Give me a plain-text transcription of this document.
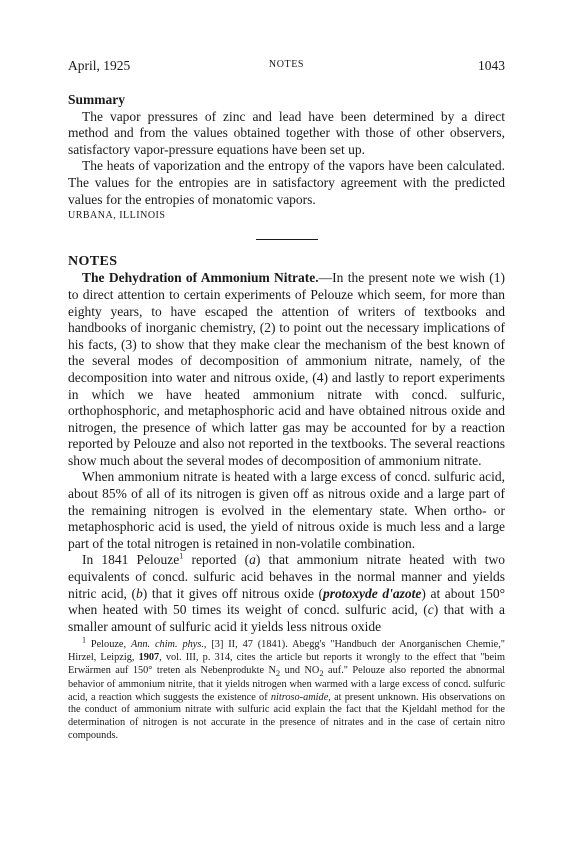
April, 1925	NOTES	1043

Summary

The vapor pressures of zinc and lead have been determined by a direct method and from the values obtained together with those of other observers, satisfactory vapor-pressure equations have been set up.

The heats of vaporization and the entropy of the vapors have been calculated. The values for the entropies are in satisfactory agreement with the predicted values for the entropies of monatomic vapors.

URBANA, ILLINOIS

NOTES

The Dehydration of Ammonium Nitrate.—In the present note we wish (1) to direct attention to certain experiments of Pelouze which seem, for more than eighty years, to have escaped the attention of writers of textbooks and handbooks of inorganic chemistry, (2) to point out the necessary implications of his facts, (3) to show that they make clear the mechanism of the best known of the several modes of decomposition of ammonium nitrate, namely, of the decomposition into water and nitrous oxide, (4) and lastly to report experiments in which we have heated ammonium nitrate with concd. sulfuric, orthophosphoric, and metaphosphoric acid and have obtained nitrous oxide and nitrogen, the presence of which latter gas may be accounted for by a reaction reported by Pelouze and also not reported in the textbooks. The several reactions show much about the several modes of decomposition of ammonium nitrate.

When ammonium nitrate is heated with a large excess of concd. sulfuric acid, about 85% of all of its nitrogen is given off as nitrous oxide and a large part of the remaining nitrogen is evolved in the elementary state. When ortho- or metaphosphoric acid is used, the yield of nitrous oxide is much less and a large part of the total nitrogen is retained in non-volatile combination.

In 1841 Pelouze$^1$ reported (a) that ammonium nitrate heated with two equivalents of concd. sulfuric acid behaves in the normal manner and yields nitric acid, (b) that it gives off nitrous oxide (protoxyde d'azote) at about 150° when heated with 50 times its weight of concd. sulfuric acid, (c) that with a smaller amount of sulfuric acid it yields less nitrous oxide

$^1$ Pelouze, Ann. chim. phys., [3] II, 47 (1841). Abegg's "Handbuch der Anorganischen Chemie," Hirzel, Leipzig, 1907, vol. III, p. 314, cites the article but reports it wrongly to the effect that "beim Erwärmen auf 150° treten als Nebenprodukte $N_2$ und $NO_2$ auf." Pelouze also reported the abnormal behavior of ammonium nitrite, that it yields nitrogen when warmed with a large excess of concd. sulfuric acid, a reaction which suggests the existence of nitroso-amide, at present unknown. His observations on the conduct of ammonium nitrate with sulfuric acid explain the fact that the Kjeldahl method for the determination of nitrogen is not accurate in the presence of nitrates and in the case of certain nitro compounds.
